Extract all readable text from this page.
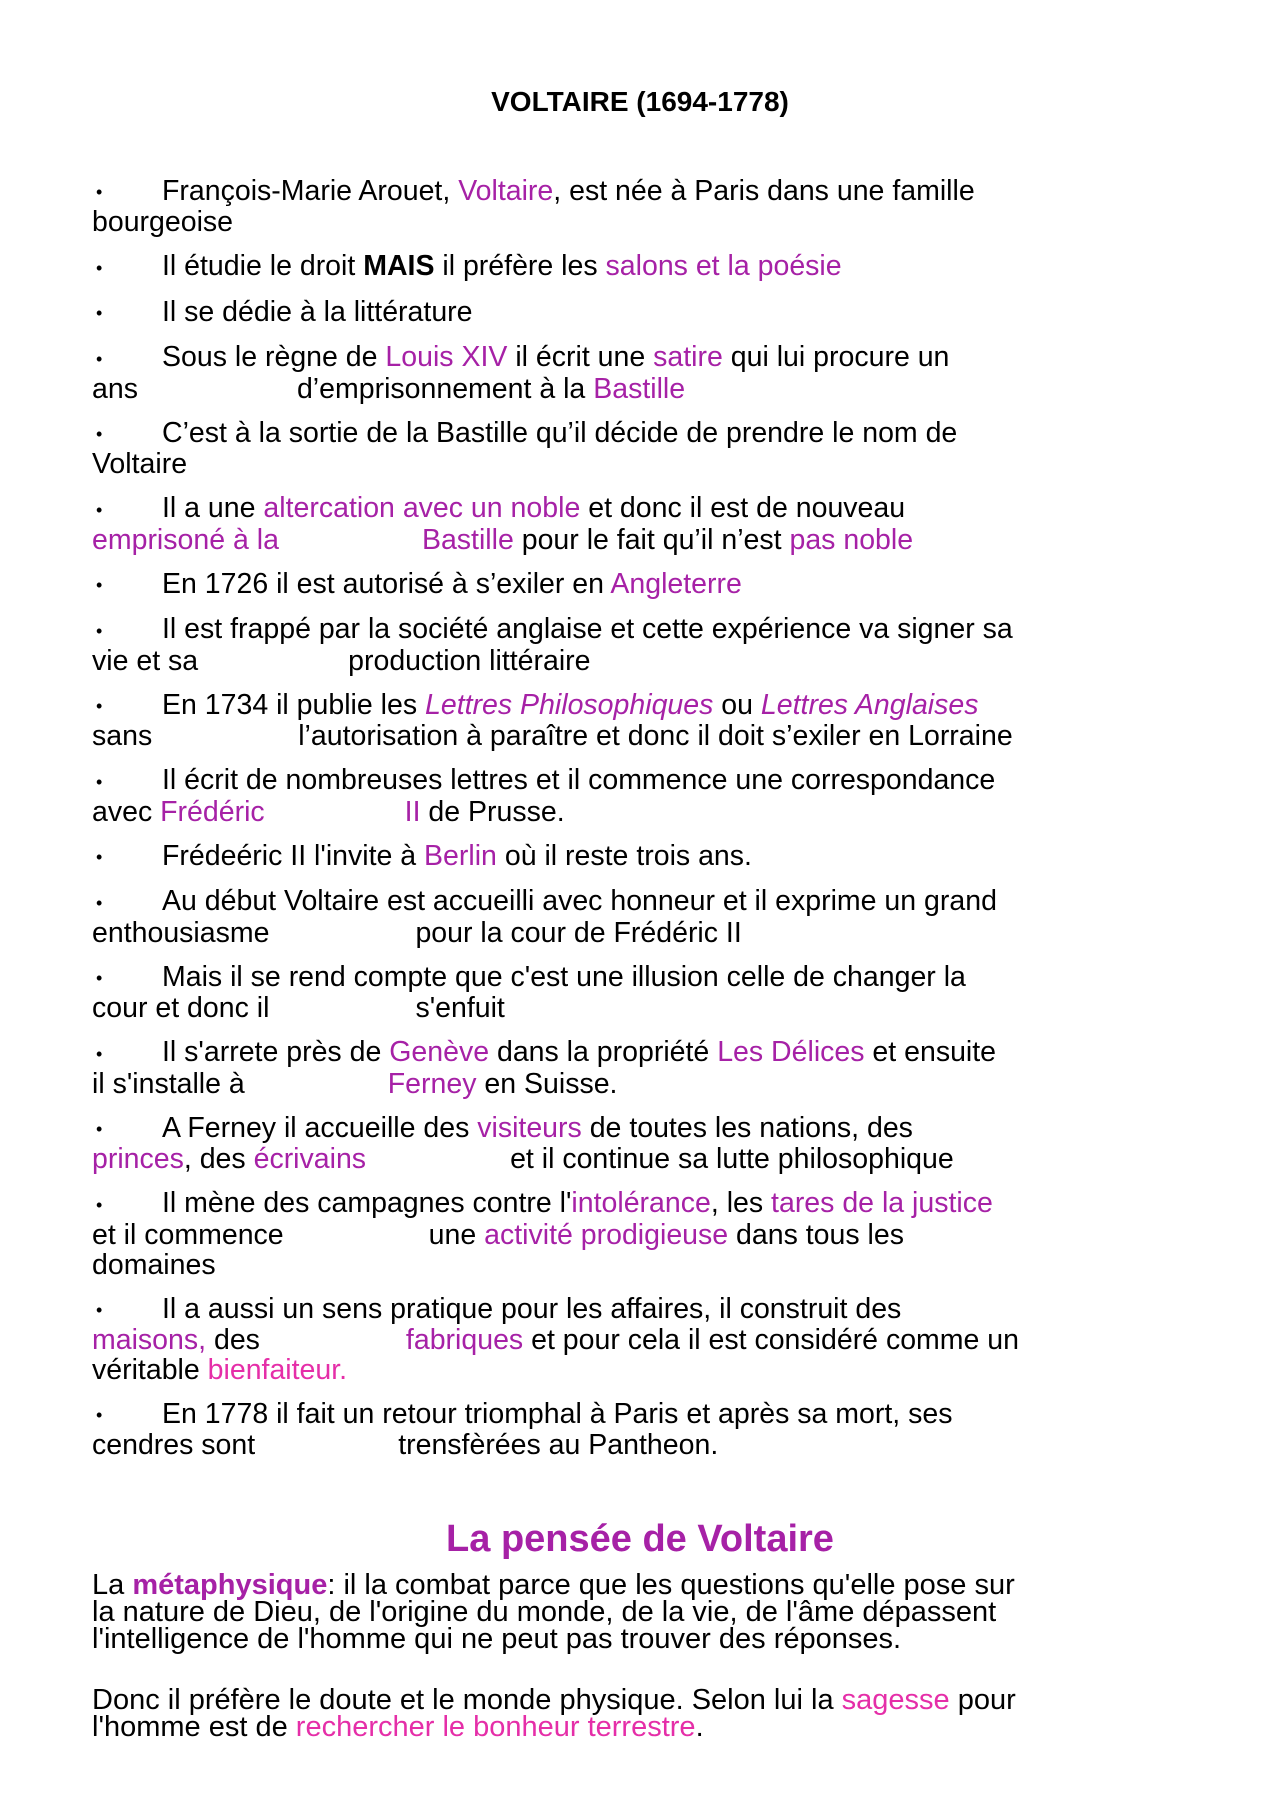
VOLTAIRE (1694-1778)
• François-Marie Arouet, Voltaire, est née à Paris dans une famille
bourgeoise
• Il étudie le droit MAIS il préfère les salons et la poésie
• Il se dédie à la littérature
• Sous le règne de Louis XIV il écrit une satire qui lui procure un
ans	d’emprisonnement à la Bastille
• C’est à la sortie de la Bastille qu’il décide de prendre le nom de
Voltaire
• Il a une altercation avec un noble et donc il est de nouveau
emprisoné à la	Bastille pour le fait qu’il n’est pas noble
• En 1726 il est autorisé à s’exiler en Angleterre
• Il est frappé par la société anglaise et cette expérience va signer sa
vie et sa	production littéraire
• En 1734 il publie les Lettres Philosophiques ou Lettres Anglaises
sans	l’autorisation à paraître et donc il doit s’exiler en Lorraine
• Il écrit de nombreuses lettres et il commence une correspondance
avec Frédéric	II de Prusse.
• Frédeéric II l'invite à Berlin où il reste trois ans.
• Au début Voltaire est accueilli avec honneur et il exprime un grand
enthousiasme	pour la cour de Frédéric II
• Mais il se rend compte que c'est une illusion celle de changer la
cour et donc il	s'enfuit
• Il s'arrete près de Genève dans la propriété Les Délices et ensuite
il s'installe à	Ferney en Suisse.
• A Ferney il accueille des visiteurs de toutes les nations, des
princes, des écrivains	et il continue sa lutte philosophique
• Il mène des campagnes contre l'intolérance, les tares de la justice
et il commence	une activité prodigieuse dans tous les
domaines
• Il a aussi un sens pratique pour les affaires, il construit des
maisons, des	fabriques et pour cela il est considéré comme un
véritable bienfaiteur.
• En 1778 il fait un retour triomphal à Paris et après sa mort, ses
cendres sont	trensfèrées au Pantheon.
La pensée de Voltaire
La métaphysique: il la combat parce que les questions qu'elle pose sur
la nature de Dieu, de l'origine du monde, de la vie, de l'âme dépassent
l'intelligence de l'homme qui ne peut pas trouver des réponses.
Donc il préfère le doute et le monde physique. Selon lui la sagesse pour
l'homme est de rechercher le bonheur terrestre.
